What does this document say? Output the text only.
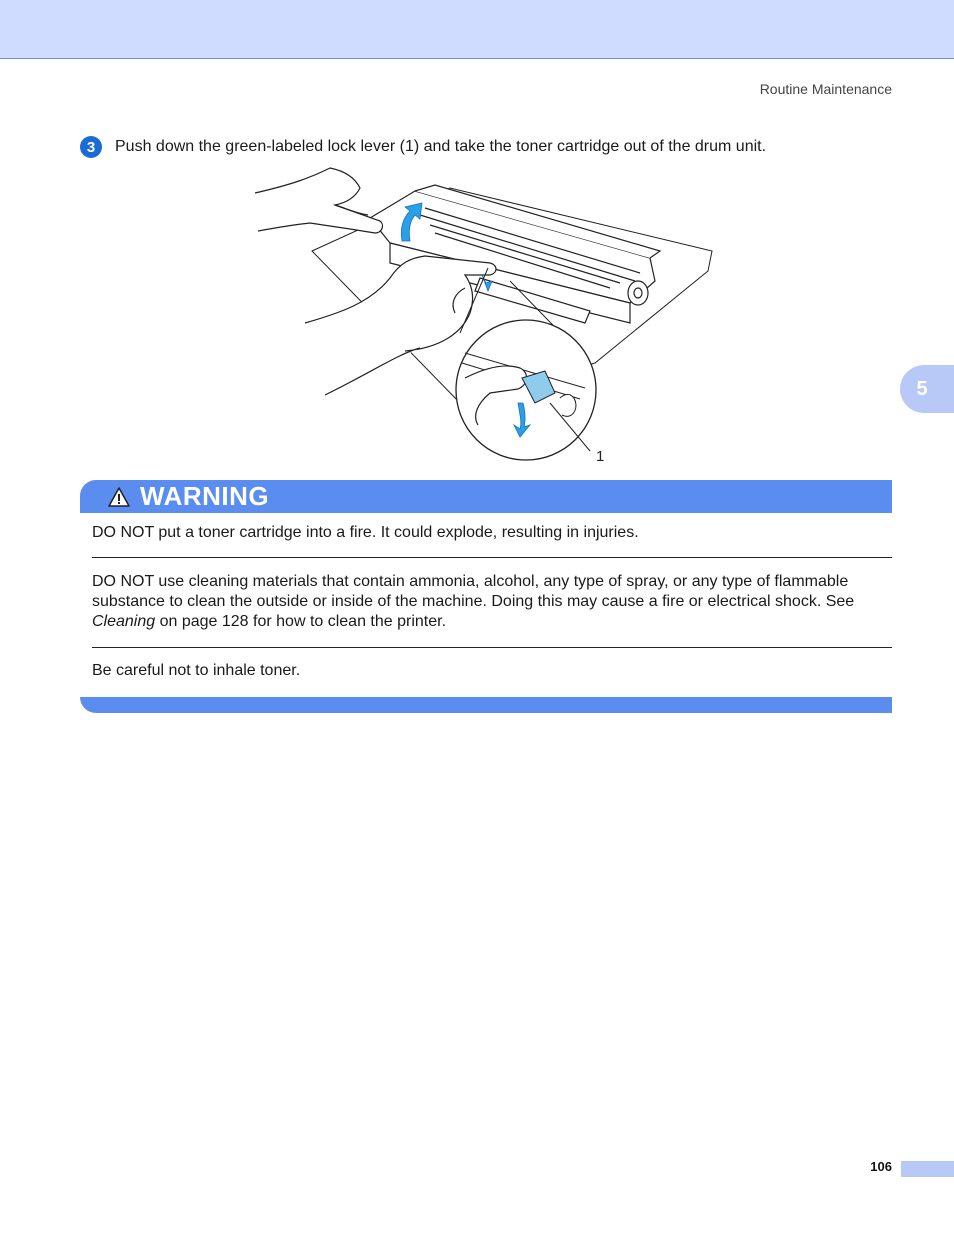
Routine Maintenance
3	Push down the green-labeled lock lever (1) and take the toner cartridge out of the drum unit.
1
5
WARNING
DO NOT put a toner cartridge into a fire. It could explode, resulting in injuries.
DO NOT use cleaning materials that contain ammonia, alcohol, any type of spray, or any type of flammable substance to clean the outside or inside of the machine. Doing this may cause a fire or electrical shock. See Cleaning on page 128 for how to clean the printer.
Be careful not to inhale toner.
106
